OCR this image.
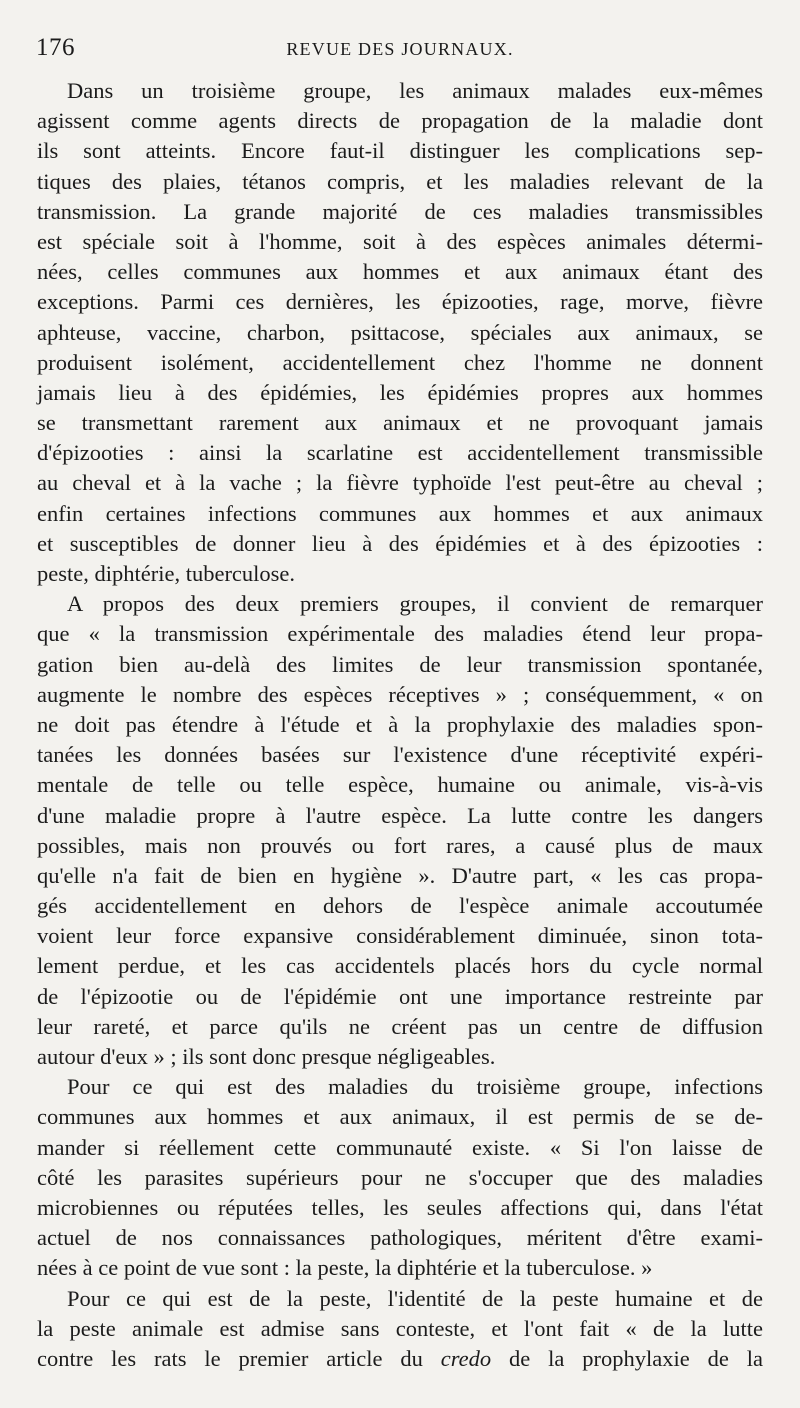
176	REVUE DES JOURNAUX.

Dans un troisième groupe, les animaux malades eux-mêmes
agissent comme agents directs de propagation de la maladie dont
ils sont atteints. Encore faut-il distinguer les complications sep-
tiques des plaies, tétanos compris, et les maladies relevant de la
transmission. La grande majorité de ces maladies transmissibles
est spéciale soit à l'homme, soit à des espèces animales détermi-
nées, celles communes aux hommes et aux animaux étant des
exceptions. Parmi ces dernières, les épizooties, rage, morve, fièvre
aphteuse, vaccine, charbon, psittacose, spéciales aux animaux, se
produisent isolément, accidentellement chez l'homme ne donnent
jamais lieu à des épidémies, les épidémies propres aux hommes
se transmettant rarement aux animaux et ne provoquant jamais
d'épizooties : ainsi la scarlatine est accidentellement transmissible
au cheval et à la vache ; la fièvre typhoïde l'est peut-être au cheval ;
enfin certaines infections communes aux hommes et aux animaux
et susceptibles de donner lieu à des épidémies et à des épizooties :
peste, diphtérie, tuberculose.

A propos des deux premiers groupes, il convient de remarquer
que « la transmission expérimentale des maladies étend leur propa-
gation bien au-delà des limites de leur transmission spontanée,
augmente le nombre des espèces réceptives » ; conséquemment, « on
ne doit pas étendre à l'étude et à la prophylaxie des maladies spon-
tanées les données basées sur l'existence d'une réceptivité expéri-
mentale de telle ou telle espèce, humaine ou animale, vis-à-vis
d'une maladie propre à l'autre espèce. La lutte contre les dangers
possibles, mais non prouvés ou fort rares, a causé plus de maux
qu'elle n'a fait de bien en hygiène ». D'autre part, « les cas propa-
gés accidentellement en dehors de l'espèce animale accoutumée
voient leur force expansive considérablement diminuée, sinon tota-
lement perdue, et les cas accidentels placés hors du cycle normal
de l'épizootie ou de l'épidémie ont une importance restreinte par
leur rareté, et parce qu'ils ne créent pas un centre de diffusion
autour d'eux » ; ils sont donc presque négligeables.

Pour ce qui est des maladies du troisième groupe, infections
communes aux hommes et aux animaux, il est permis de se de-
mander si réellement cette communauté existe. « Si l'on laisse de
côté les parasites supérieurs pour ne s'occuper que des maladies
microbiennes ou réputées telles, les seules affections qui, dans l'état
actuel de nos connaissances pathologiques, méritent d'être exami-
nées à ce point de vue sont : la peste, la diphtérie et la tuberculose. »

Pour ce qui est de la peste, l'identité de la peste humaine et de
la peste animale est admise sans conteste, et l'ont fait « de la lutte
contre les rats le premier article du credo de la prophylaxie de la
